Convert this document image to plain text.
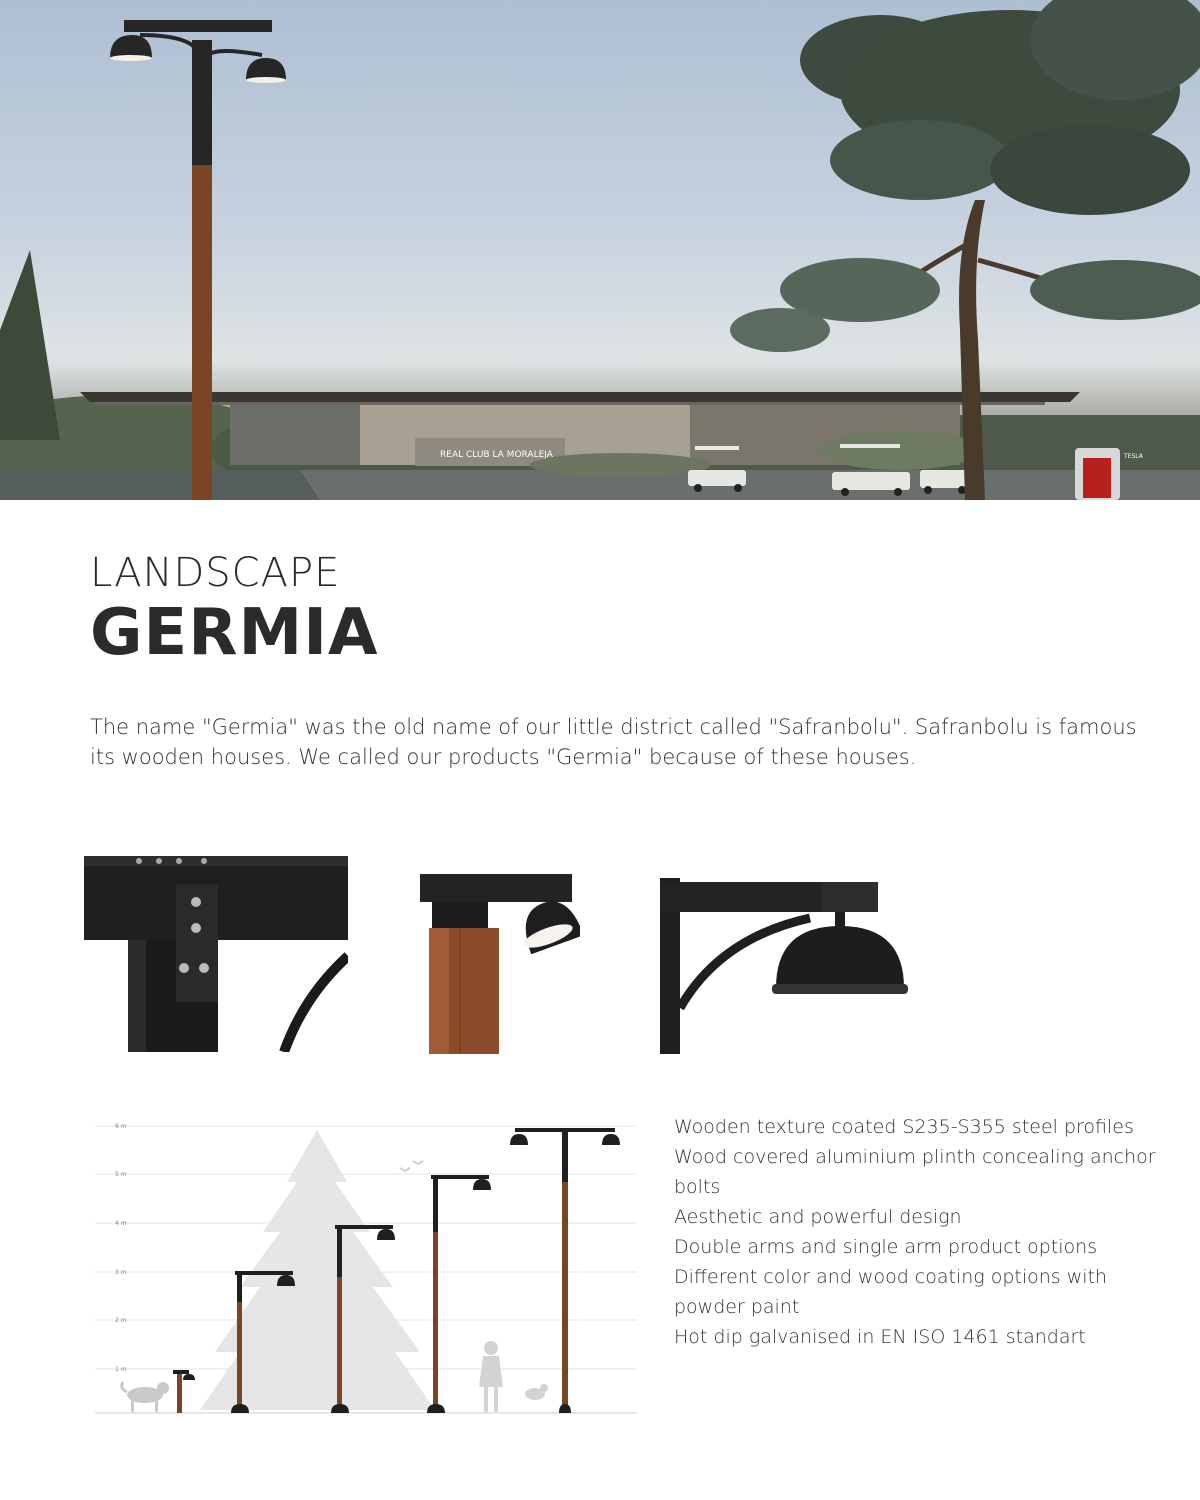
REAL CLUB LA MORALEJA	TESLA
LANDSCAPE
GERMIA
The name "Germia" was the old name of our little district called "Safranbolu". Safranbolu is famous its wooden houses. We called our products "Germia" because of these houses.
1 m
2 m
3 m
4 m
5 m
6 m	Wooden texture coated S235-S355 steel profiles
Wood covered aluminium plinth concealing anchor bolts
Aesthetic and powerful design
Double arms and single arm product options
Different color and wood coating options with powder paint
Hot dip galvanised in EN ISO 1461 standart
